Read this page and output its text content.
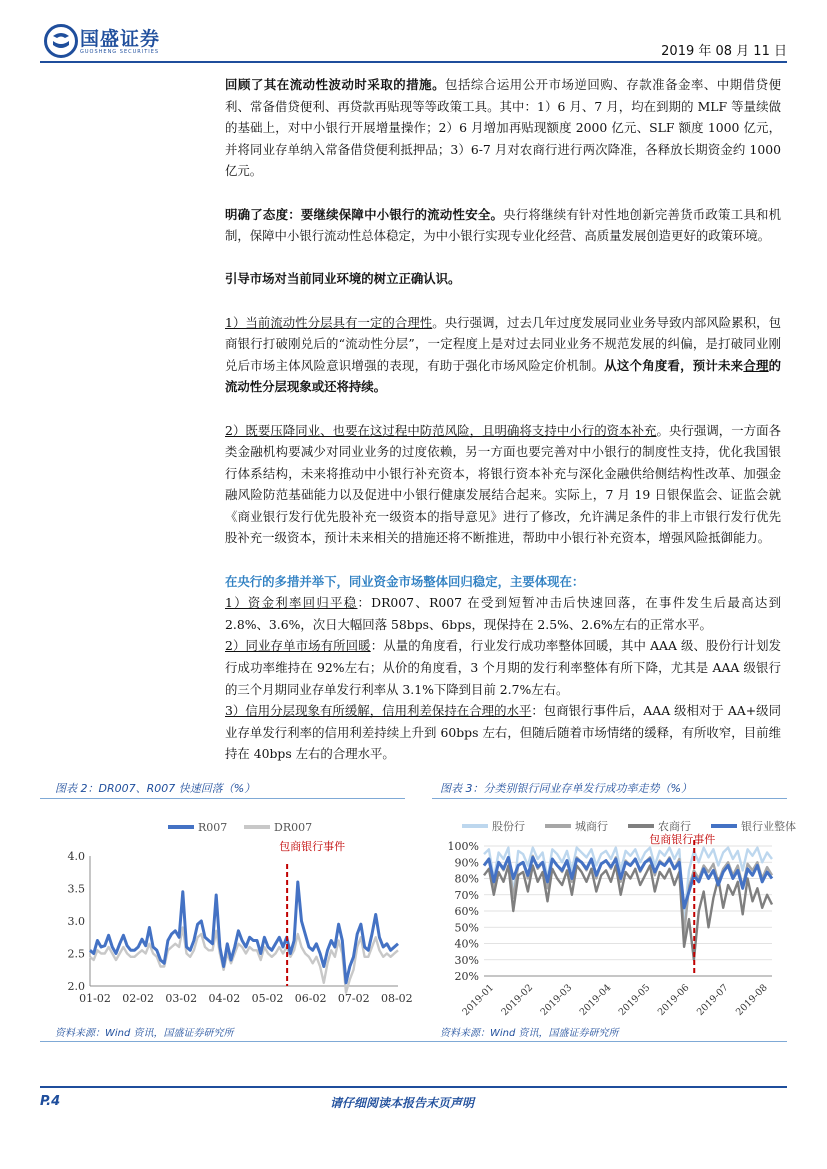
国盛证券
GUOSHENG SECURITIES	2019 年 08 月 11 日

回顾了其在流动性波动时采取的措施。包括综合运用公开市场逆回购、存款准备金率、中期借贷便利、常备借贷便利、再贷款再贴现等等政策工具。其中：1）6 月、7 月，均在到期的 MLF 等量续做的基础上，对中小银行开展增量操作；2）6 月增加再贴现额度 2000 亿元、SLF 额度 1000 亿元，并将同业存单纳入常备借贷便利抵押品；3）6-7 月对农商行进行两次降准，各释放长期资金约 1000 亿元。

明确了态度：要继续保障中小银行的流动性安全。央行将继续有针对性地创新完善货币政策工具和机制，保障中小银行流动性总体稳定，为中小银行实现专业化经营、高质量发展创造更好的政策环境。

引导市场对当前同业环境的树立正确认识。

1）当前流动性分层具有一定的合理性。央行强调，过去几年过度发展同业业务导致内部风险累积，包商银行打破刚兑后的“流动性分层”，一定程度上是对过去同业业务不规范发展的纠偏，是打破同业刚兑后市场主体风险意识增强的表现，有助于强化市场风险定价机制。从这个角度看，预计未来合理的流动性分层现象或还将持续。

2）既要压降同业、也要在这过程中防范风险，且明确将支持中小行的资本补充。央行强调，一方面各类金融机构要减少对同业业务的过度依赖，另一方面也要完善对中小银行的制度性支持，优化我国银行体系结构，未来将推动中小银行补充资本，将银行资本补充与深化金融供给侧结构性改革、加强金融风险防范基础能力以及促进中小银行健康发展结合起来。实际上，7 月 19 日银保监会、证监会就《商业银行发行优先股补充一级资本的指导意见》进行了修改，允许满足条件的非上市银行发行优先股补充一级资本，预计未来相关的措施还将不断推进，帮助中小银行补充资本，增强风险抵御能力。

在央行的多措并举下，同业资金市场整体回归稳定，主要体现在：

1）资金利率回归平稳：DR007、R007 在受到短暂冲击后快速回落，在事件发生后最高达到 2.8%、3.6%，次日大幅回落 58bps、6bps，现保持在 2.5%、2.6%左右的正常水平。

2）同业存单市场有所回暖：从量的角度看，行业发行成功率整体回暖，其中 AAA 级、股份行计划发行成功率维持在 92%左右；从价的角度看，3 个月期的发行利率整体有所下降，尤其是 AAA 级银行的三个月期同业存单发行利率从 3.1%下降到目前 2.7%左右。

3）信用分层现象有所缓解，信用利差保持在合理的水平：包商银行事件后，AAA 级相对于 AA+级同业存单发行利率的信用利差持续上升到 60bps 左右，但随后随着市场情绪的缓释，有所收窄，目前维持在 40bps 左右的合理水平。

图表 2：DR007、R007 快速回落（%）	图表 3：分类别银行同业存单发行成功率走势（%）
4.0
3.5
3.0
2.5
2.0
01-02 02-02 03-02 04-02 05-02 06-02 07-02 08-02
包商银行事件
R007	DR007
100%
90%
80%
70%
60%
50%
40%
30%
20%
2019-01 2019-02 2019-03 2019-04 2019-05 2019-06 2019-07 2019-08
包商银行事件
股份行	城商行	农商行	银行业整体
资料来源：Wind 资讯，国盛证券研究所	资料来源：Wind 资讯，国盛证券研究所
P.4	请仔细阅读本报告末页声明
